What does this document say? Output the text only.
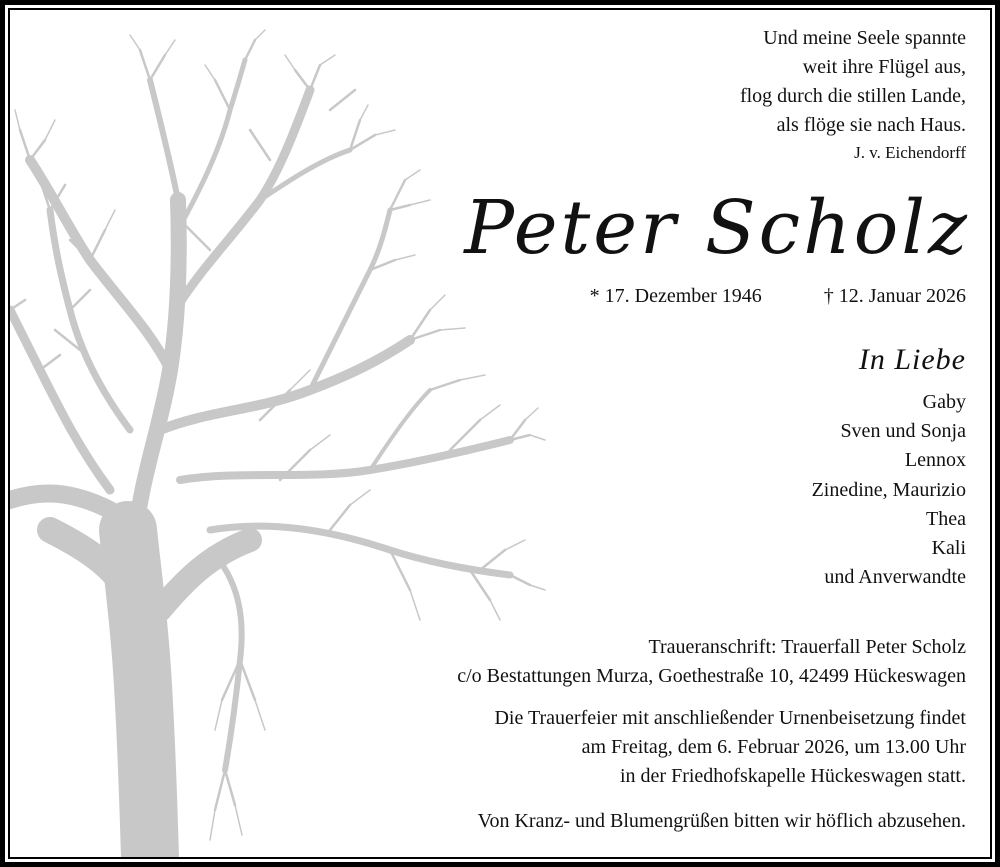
Und meine Seele spannte
weit ihre Flügel aus,
flog durch die stillen Lande,
als flöge sie nach Haus.
J. v. Eichendorff
Peter Scholz
* 17. Dezember 1946	† 12. Januar 2026
In Liebe
Gaby
Sven und Sonja
Lennox
Zinedine, Maurizio
Thea
Kali
und Anverwandte
Traueranschrift: Trauerfall Peter Scholz
c/o Bestattungen Murza, Goethestraße 10, 42499 Hückeswagen
Die Trauerfeier mit anschließender Urnenbeisetzung findet
am Freitag, dem 6. Februar 2026, um 13.00 Uhr
in der Friedhofskapelle Hückeswagen statt.
Von Kranz- und Blumengrüßen bitten wir höflich abzusehen.
